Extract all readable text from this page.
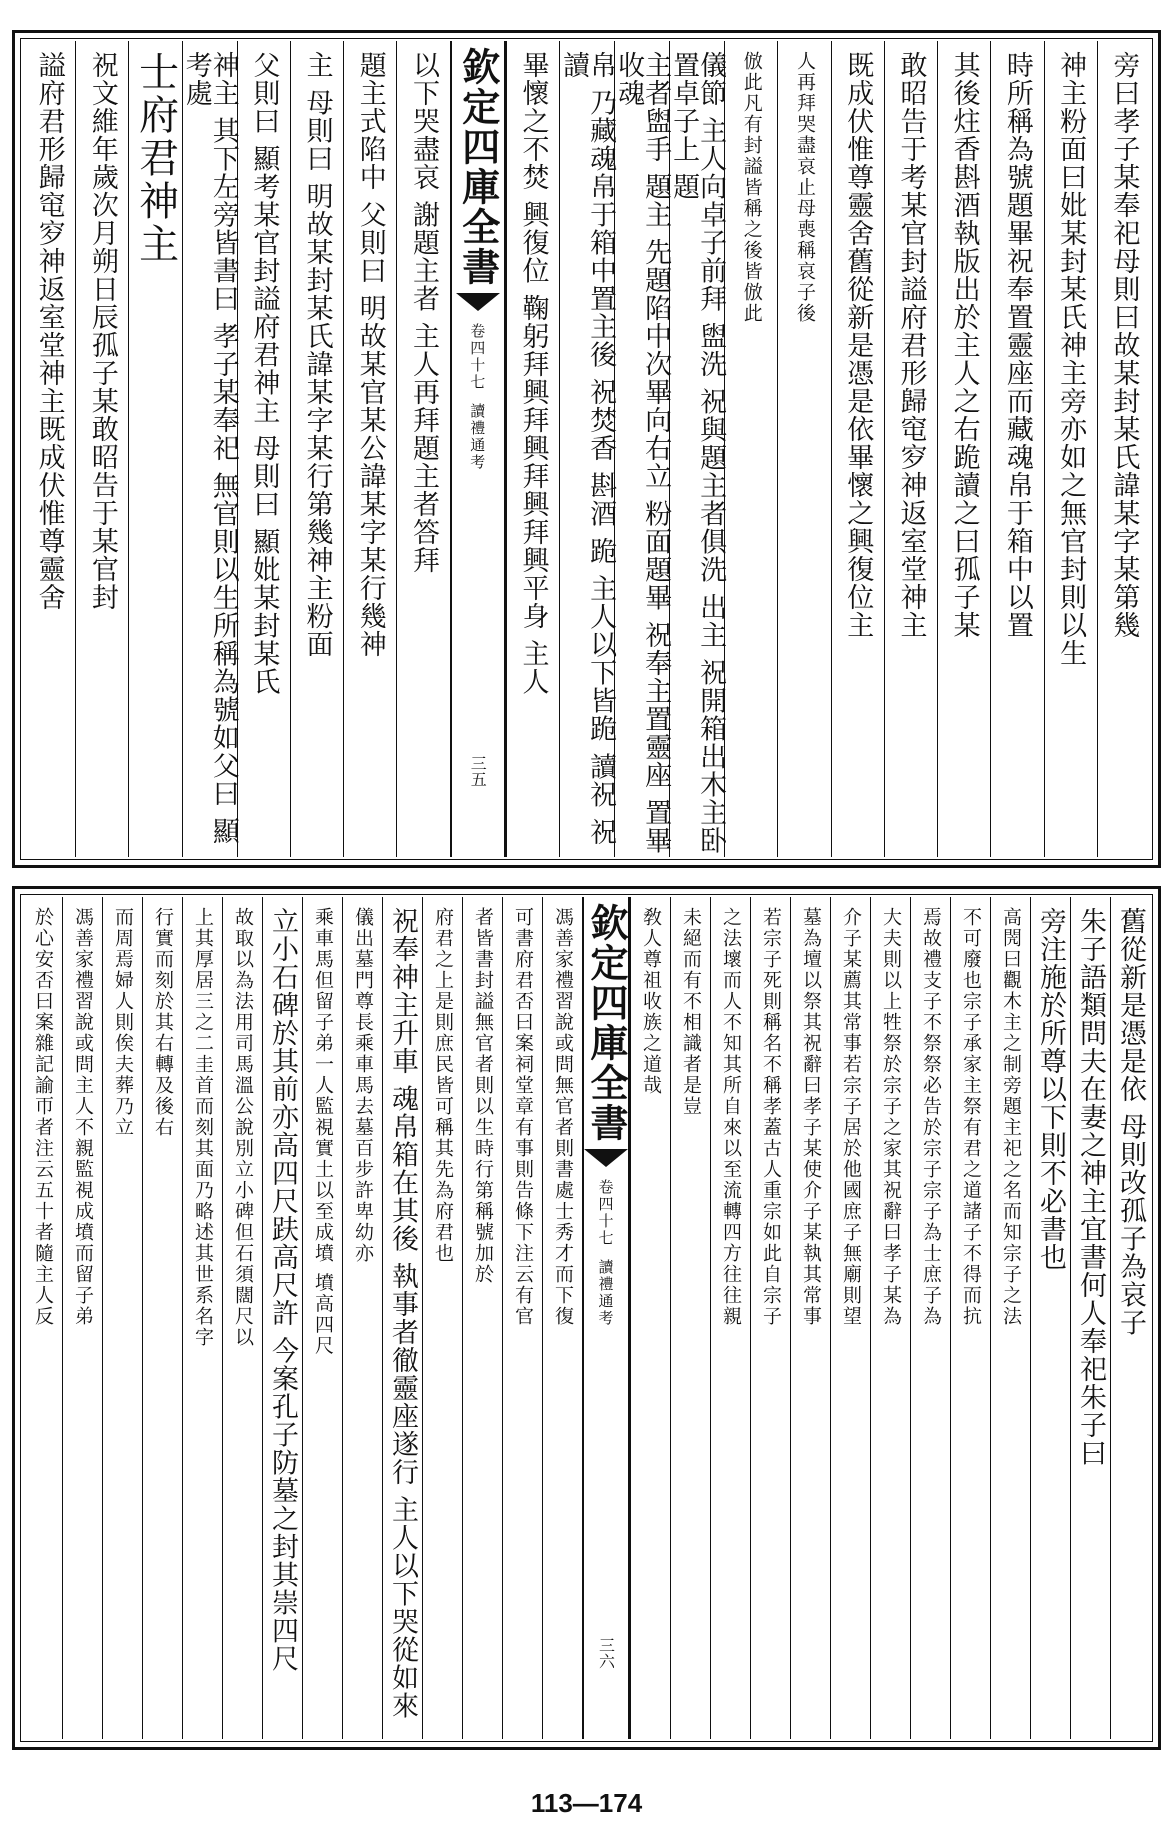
旁曰孝子某奉祀母則曰故某封某氏諱某字某第幾
神主粉面曰妣某封某氏神主旁亦如之無官封則以生
時所稱為號題畢祝奉置靈座而藏魂帛于箱中以置
其後炷香斟酒執版出於主人之右跪讀之曰孤子某
敢昭告于考某官封謚府君形歸窀穸神返室堂神主
既成伏惟尊靈舍舊從新是憑是依畢懷之興復位主
人再拜哭盡哀止母喪稱哀子後
倣此凡有封謚皆稱之後皆倣此
儀節 主人向卓子前拜 盥洗 祝與題主者俱洗 出主 祝開箱出木主卧置卓子上 題
主者盥手 題主 先題陷中次畢向右立 粉面題畢 祝奉主置靈座 置畢 收魂
帛 乃藏魂帛于箱中置主後 祝焚香 斟酒 跪 主人以下皆跪 讀祝 祝讀
畢懷之不焚 興復位 鞠躬拜興拜興拜興拜興平身 主人
欽定四庫全書
卷四十七
讀禮通考
三五
以下哭盡哀 謝題主者 主人再拜題主者答拜
題主式陷中 父則曰 明故某官某公諱某字某行幾神
主 母則曰 明故某封某氏諱某字某行第幾神主粉面
父則曰 顯考某官封謚府君神主 母則曰 顯妣某封某氏
神主 其下左旁皆書曰 孝子某奉祀 無官則以生所稱為號如父曰 顯考處
士府君神主
祝文維年歲次月朔日辰孤子某敢昭告于某官封
謚府君形歸窀穸神返室堂神主既成伏惟尊靈舍
舊從新是憑是依 母則改孤子為哀子
朱子語類問夫在妻之神主宜書何人奉祀朱子曰
旁注施於所尊以下則不必書也
高閌曰觀木主之制旁題主祀之名而知宗子之法
不可廢也宗子承家主祭有君之道諸子不得而抗
焉故禮支子不祭祭必告於宗子宗子為士庶子為
大夫則以上牲祭於宗子之家其祝辭曰孝子某為
介子某薦其常事若宗子居於他國庶子無廟則望
墓為壇以祭其祝辭曰孝子某使介子某執其常事
若宗子死則稱名不稱孝蓋古人重宗如此自宗子
之法壞而人不知其所自來以至流轉四方往往親
未絕而有不相識者是豈
敎人尊祖收族之道哉
欽定四庫全書
卷四十七
讀禮通考
三六
馮善家禮習說或問無官者則書處士秀才而下復
可書府君否曰案祠堂章有事則告條下注云有官
者皆書封謚無官者則以生時行第稱號加於
府君之上是則庶民皆可稱其先為府君也
祝奉神主升車 魂帛箱在其後 執事者徹靈座遂行 主人以下哭從如來
儀出墓門尊長乘車馬去墓百步許卑幼亦
乘車馬但留子弟一人監視實土以至成墳 墳高四尺
立小石碑於其前亦高四尺趺高尺許 今案孔子防墓之封其崇四尺
故取以為法用司馬溫公說別立小碑但石須闊尺以
上其厚居三之二圭首而刻其面乃略述其世系名字
行實而刻於其右轉及後右
而周焉婦人則俟夫葬乃立
馮善家禮習說或問主人不親監視成墳而留子弟
於心安否曰案雜記諭帀者注云五十者隨主人反
113—174
